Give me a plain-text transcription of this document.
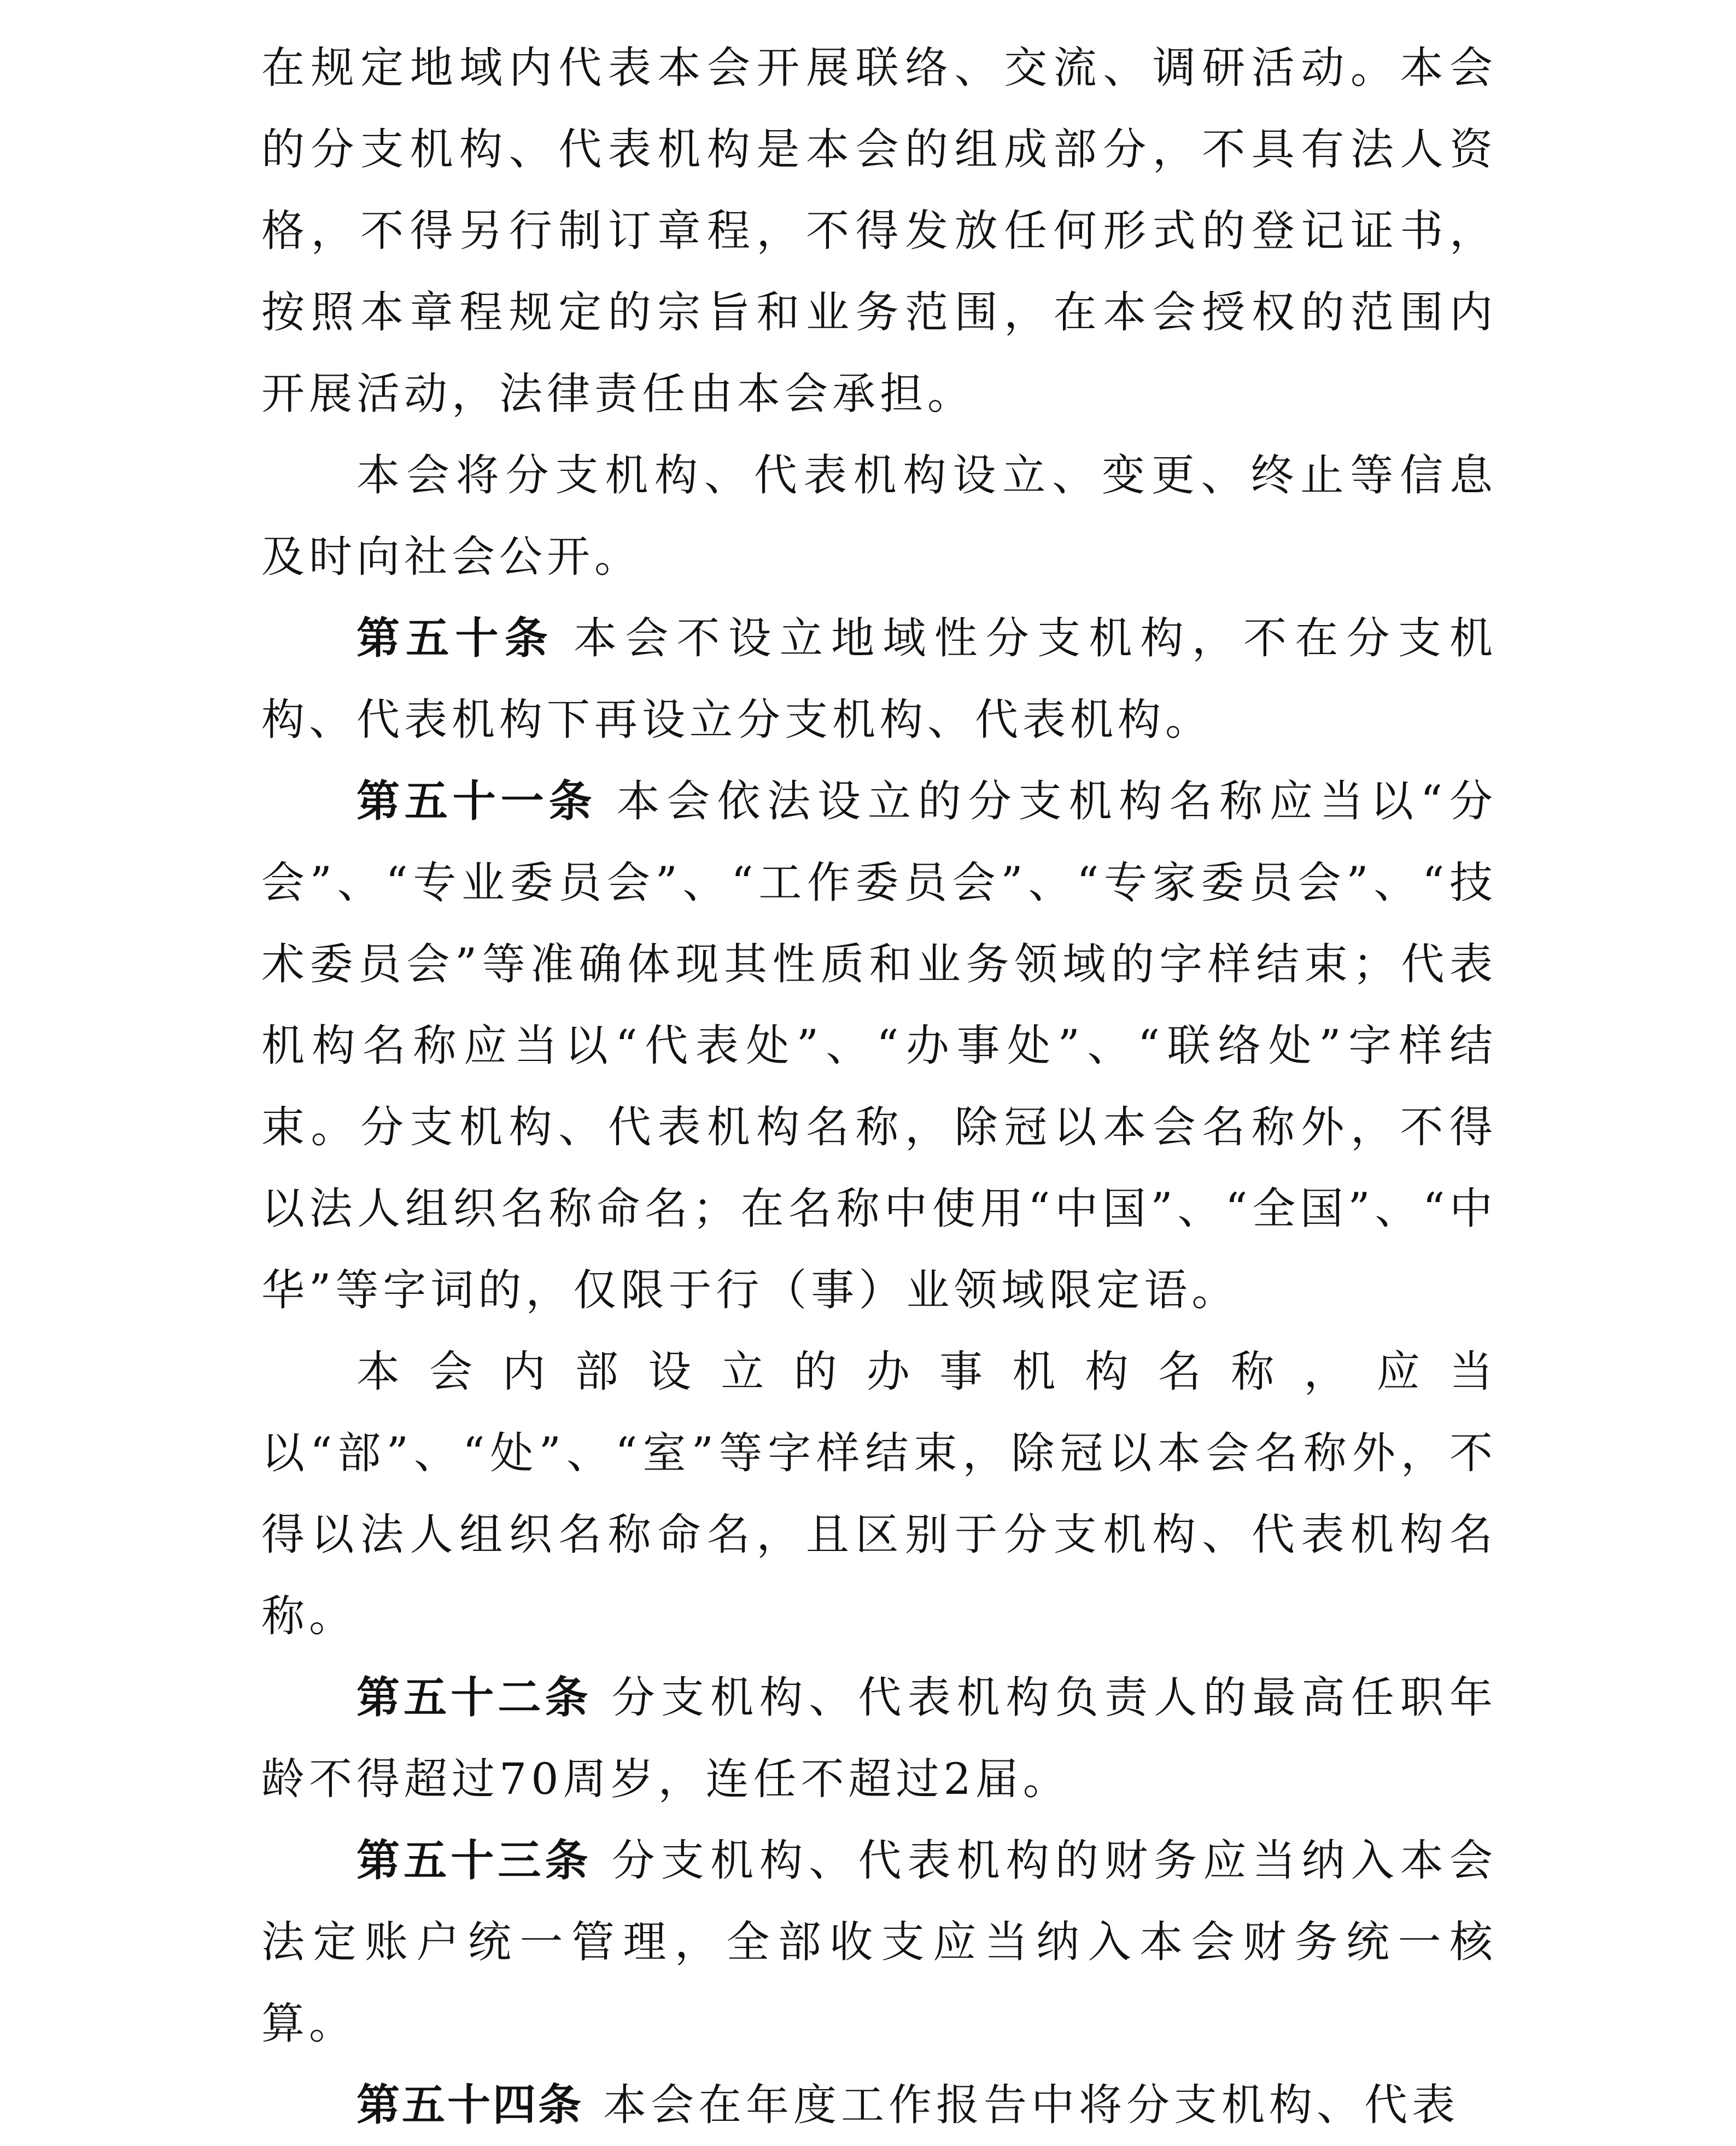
在规定地域内代表本会开展联络、交流、调研活动。本会的分支机构、代表机构是本会的组成部分，不具有法人资格，不得另行制订章程，不得发放任何形式的登记证书，按照本章程规定的宗旨和业务范围，在本会授权的范围内开展活动，法律责任由本会承担。

本会将分支机构、代表机构设立、变更、终止等信息及时向社会公开。

第五十条 本会不设立地域性分支机构，不在分支机构、代表机构下再设立分支机构、代表机构。

第五十一条 本会依法设立的分支机构名称应当以“分会”、“专业委员会”、“工作委员会”、“专家委员会”、“技术委员会”等准确体现其性质和业务领域的字样结束；代表机构名称应当以“代表处”、“办事处”、“联络处”字样结束。分支机构、代表机构名称，除冠以本会名称外，不得以法人组织名称命名；在名称中使用“中国”、“全国”、“中华”等字词的，仅限于行（事）业领域限定语。

本会内部设立的办事机构名称，应当以“部”、“处”、“室”等字样结束，除冠以本会名称外，不得以法人组织名称命名，且区别于分支机构、代表机构名称。

第五十二条 分支机构、代表机构负责人的最高任职年龄不得超过70周岁，连任不超过2届。

第五十三条 分支机构、代表机构的财务应当纳入本会法定账户统一管理，全部收支应当纳入本会财务统一核算。

第五十四条 本会在年度工作报告中将分支机构、代表
